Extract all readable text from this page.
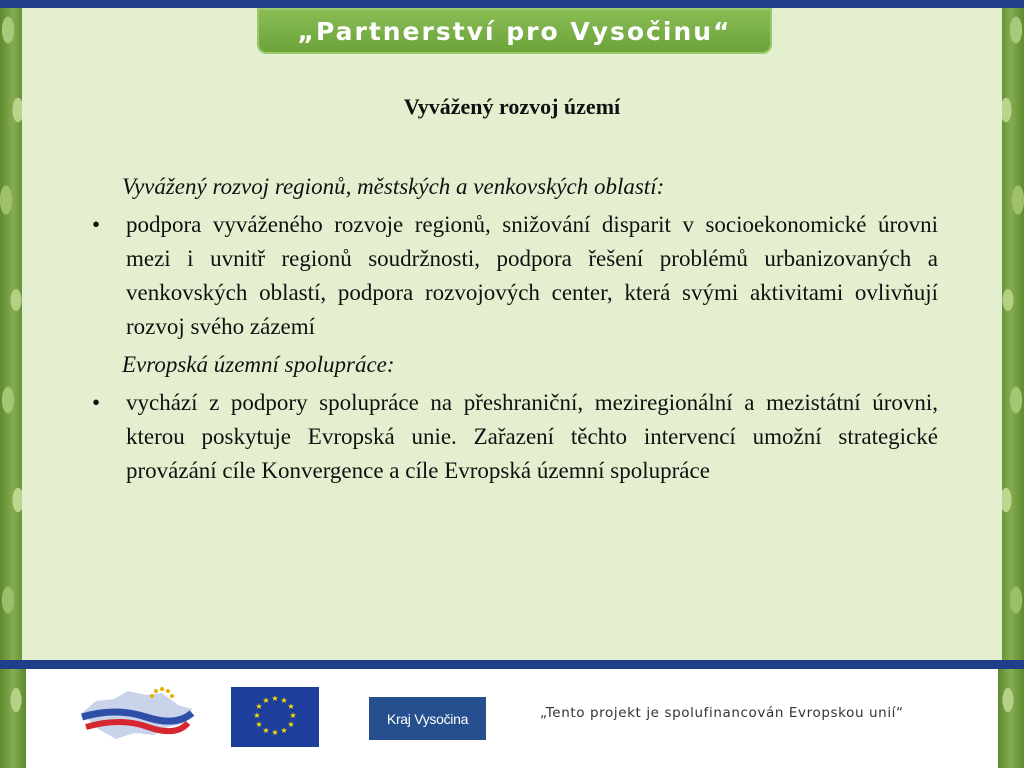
„Partnerství pro Vysočinu“
Vyvážený rozvoj území

Vyvážený rozvoj regionů, městských a venkovských oblastí:

• podpora vyváženého rozvoje regionů, snižování disparit v socioekonomické úrovni mezi i uvnitř regionů soudržnosti, podpora řešení problémů urbanizovaných a venkovských oblastí, podpora rozvojových center, která svými aktivitami ovlivňují rozvoj svého zázemí

Evropská územní spolupráce:

• vychází z podpory spolupráce na přeshraniční, meziregionální a mezistátní úrovni, kterou poskytuje Evropská unie. Zařazení těchto intervencí umožní strategické provázání cíle Konvergence a cíle Evropská územní spolupráce

★ ★
★
★
★
★
★
★
★
★
★
★
Kraj Vysočina	„Tento projekt je spolufinancován Evropskou unií“
